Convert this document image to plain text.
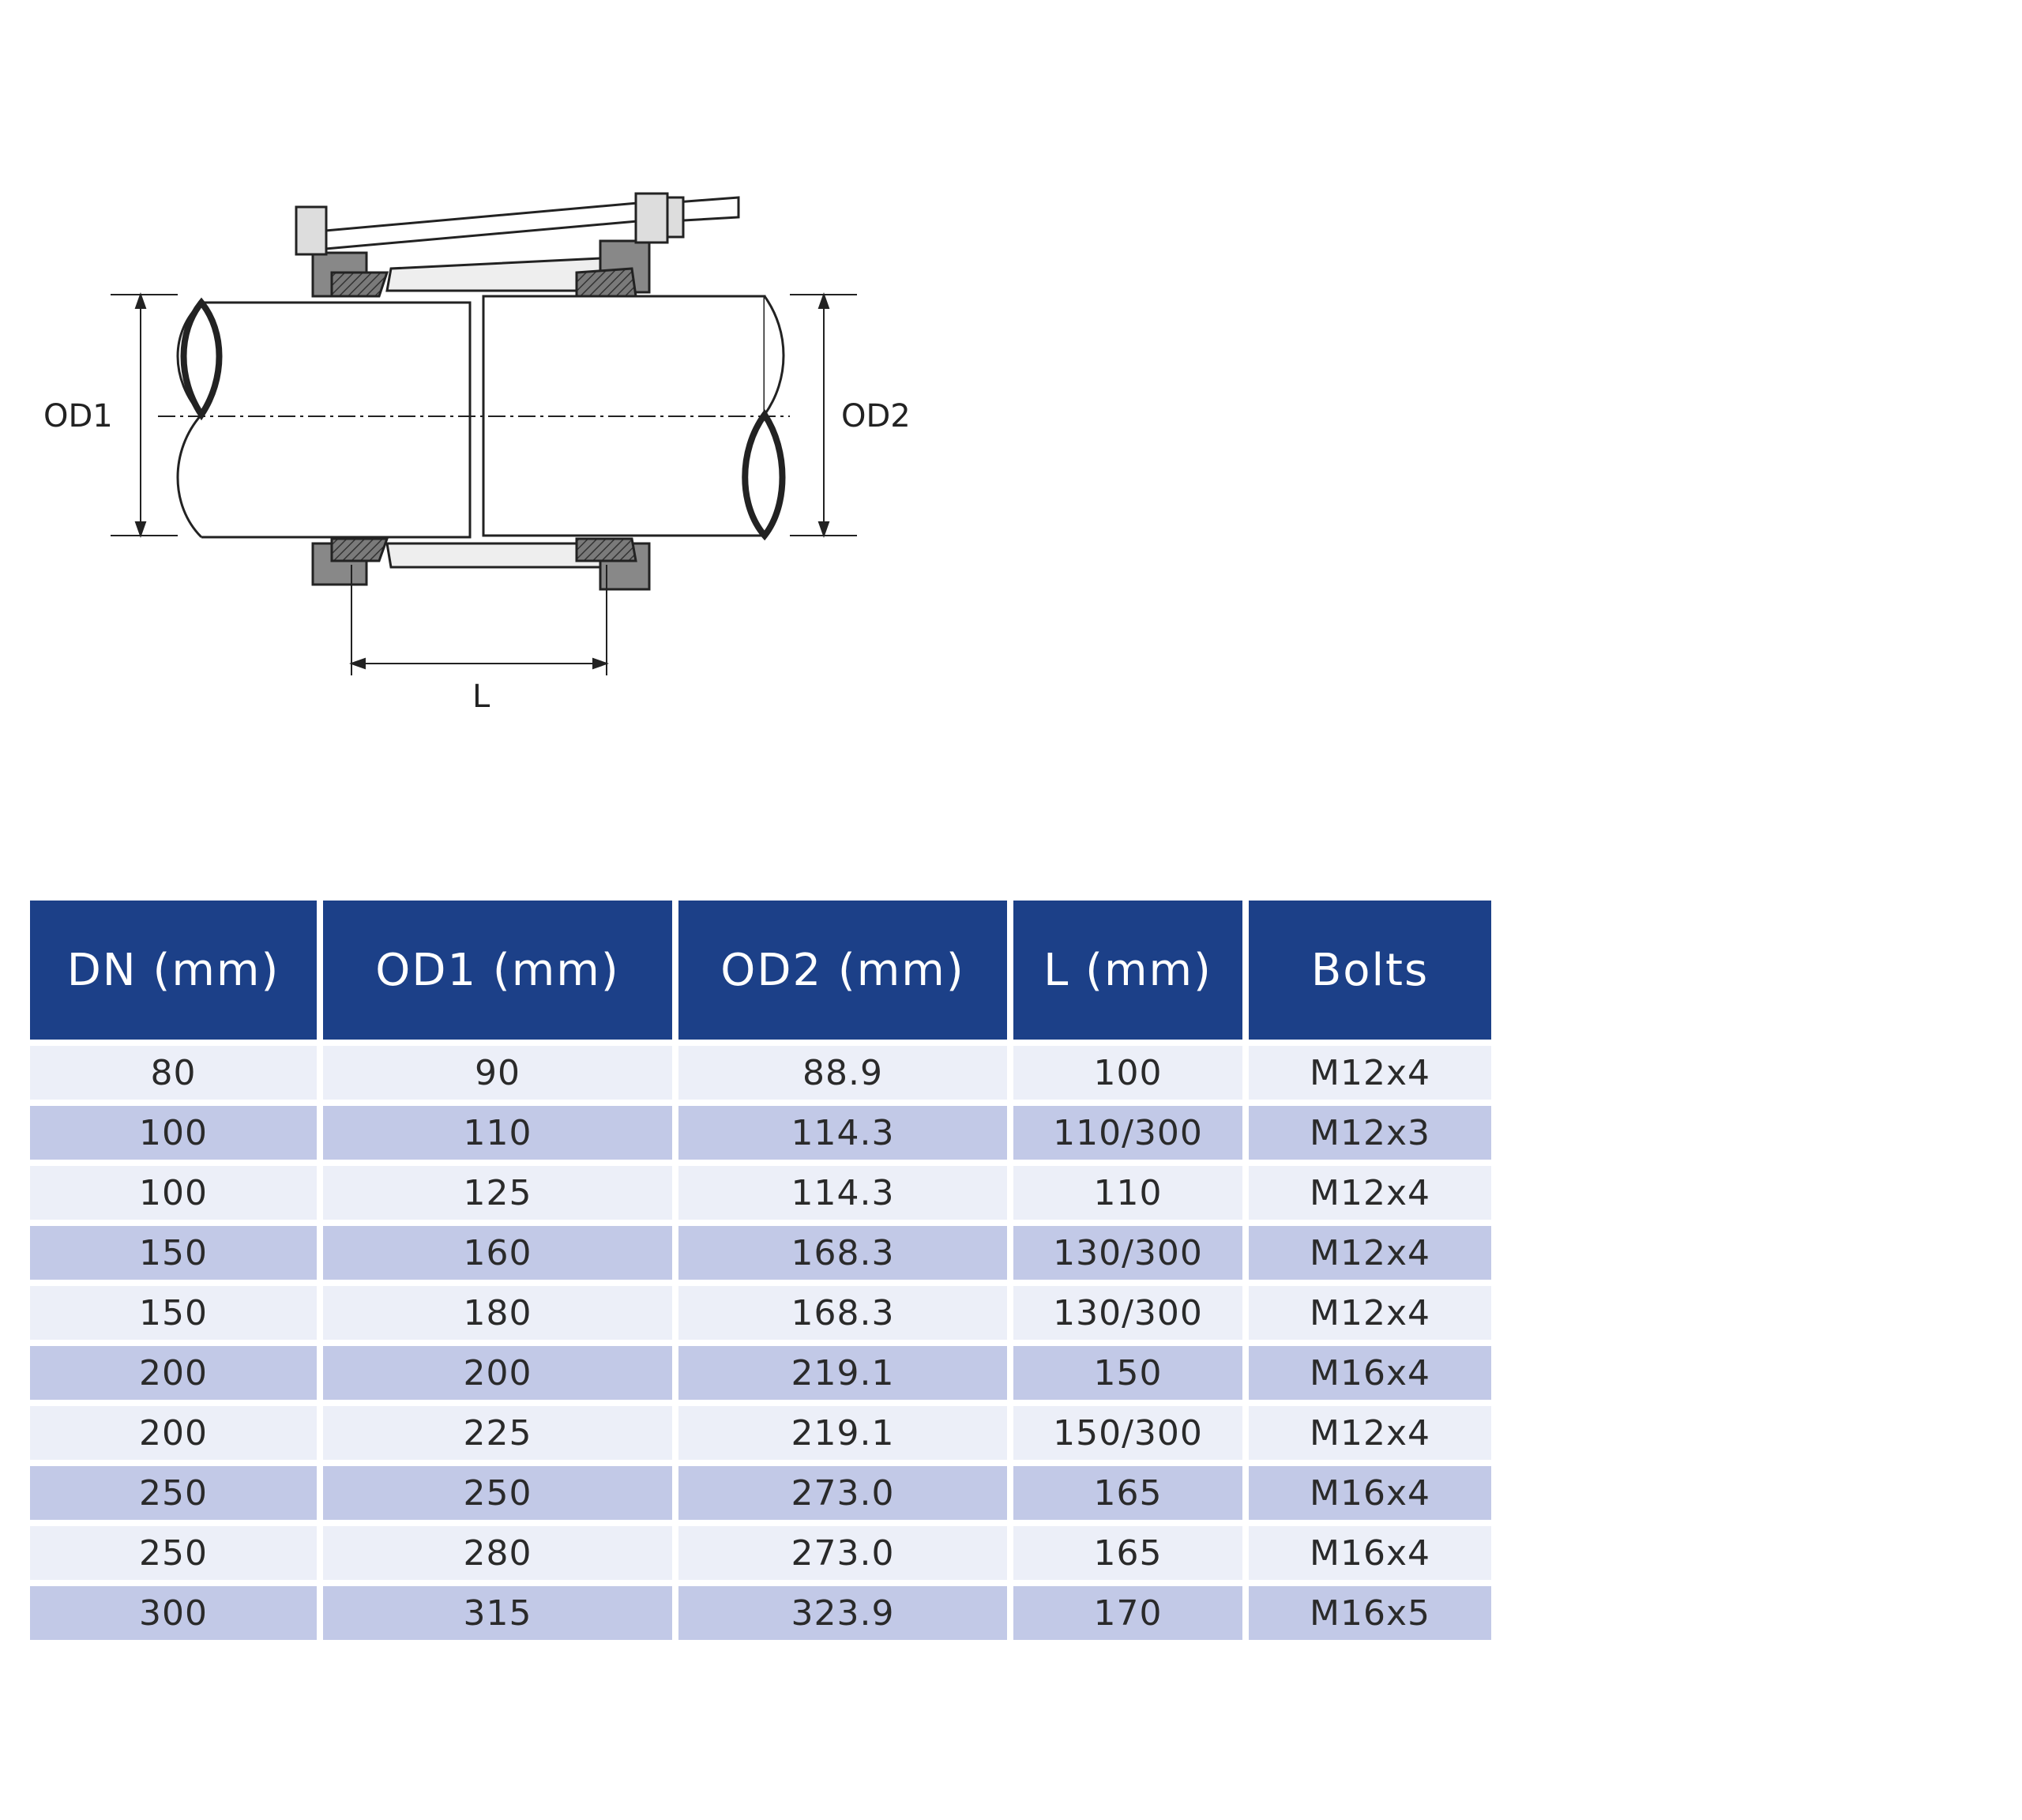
OD1	OD2
L
DN (mm)	OD1 (mm)	OD2 (mm)	L (mm)	Bolts
80	90	88.9	100	M12x4
100	110	114.3	110/300	M12x3
100	125	114.3	110	M12x4
150	160	168.3	130/300	M12x4
150	180	168.3	130/300	M12x4
200	200	219.1	150	M16x4
200	225	219.1	150/300	M12x4
250	250	273.0	165	M16x4
250	280	273.0	165	M16x4
300	315	323.9	170	M16x5
